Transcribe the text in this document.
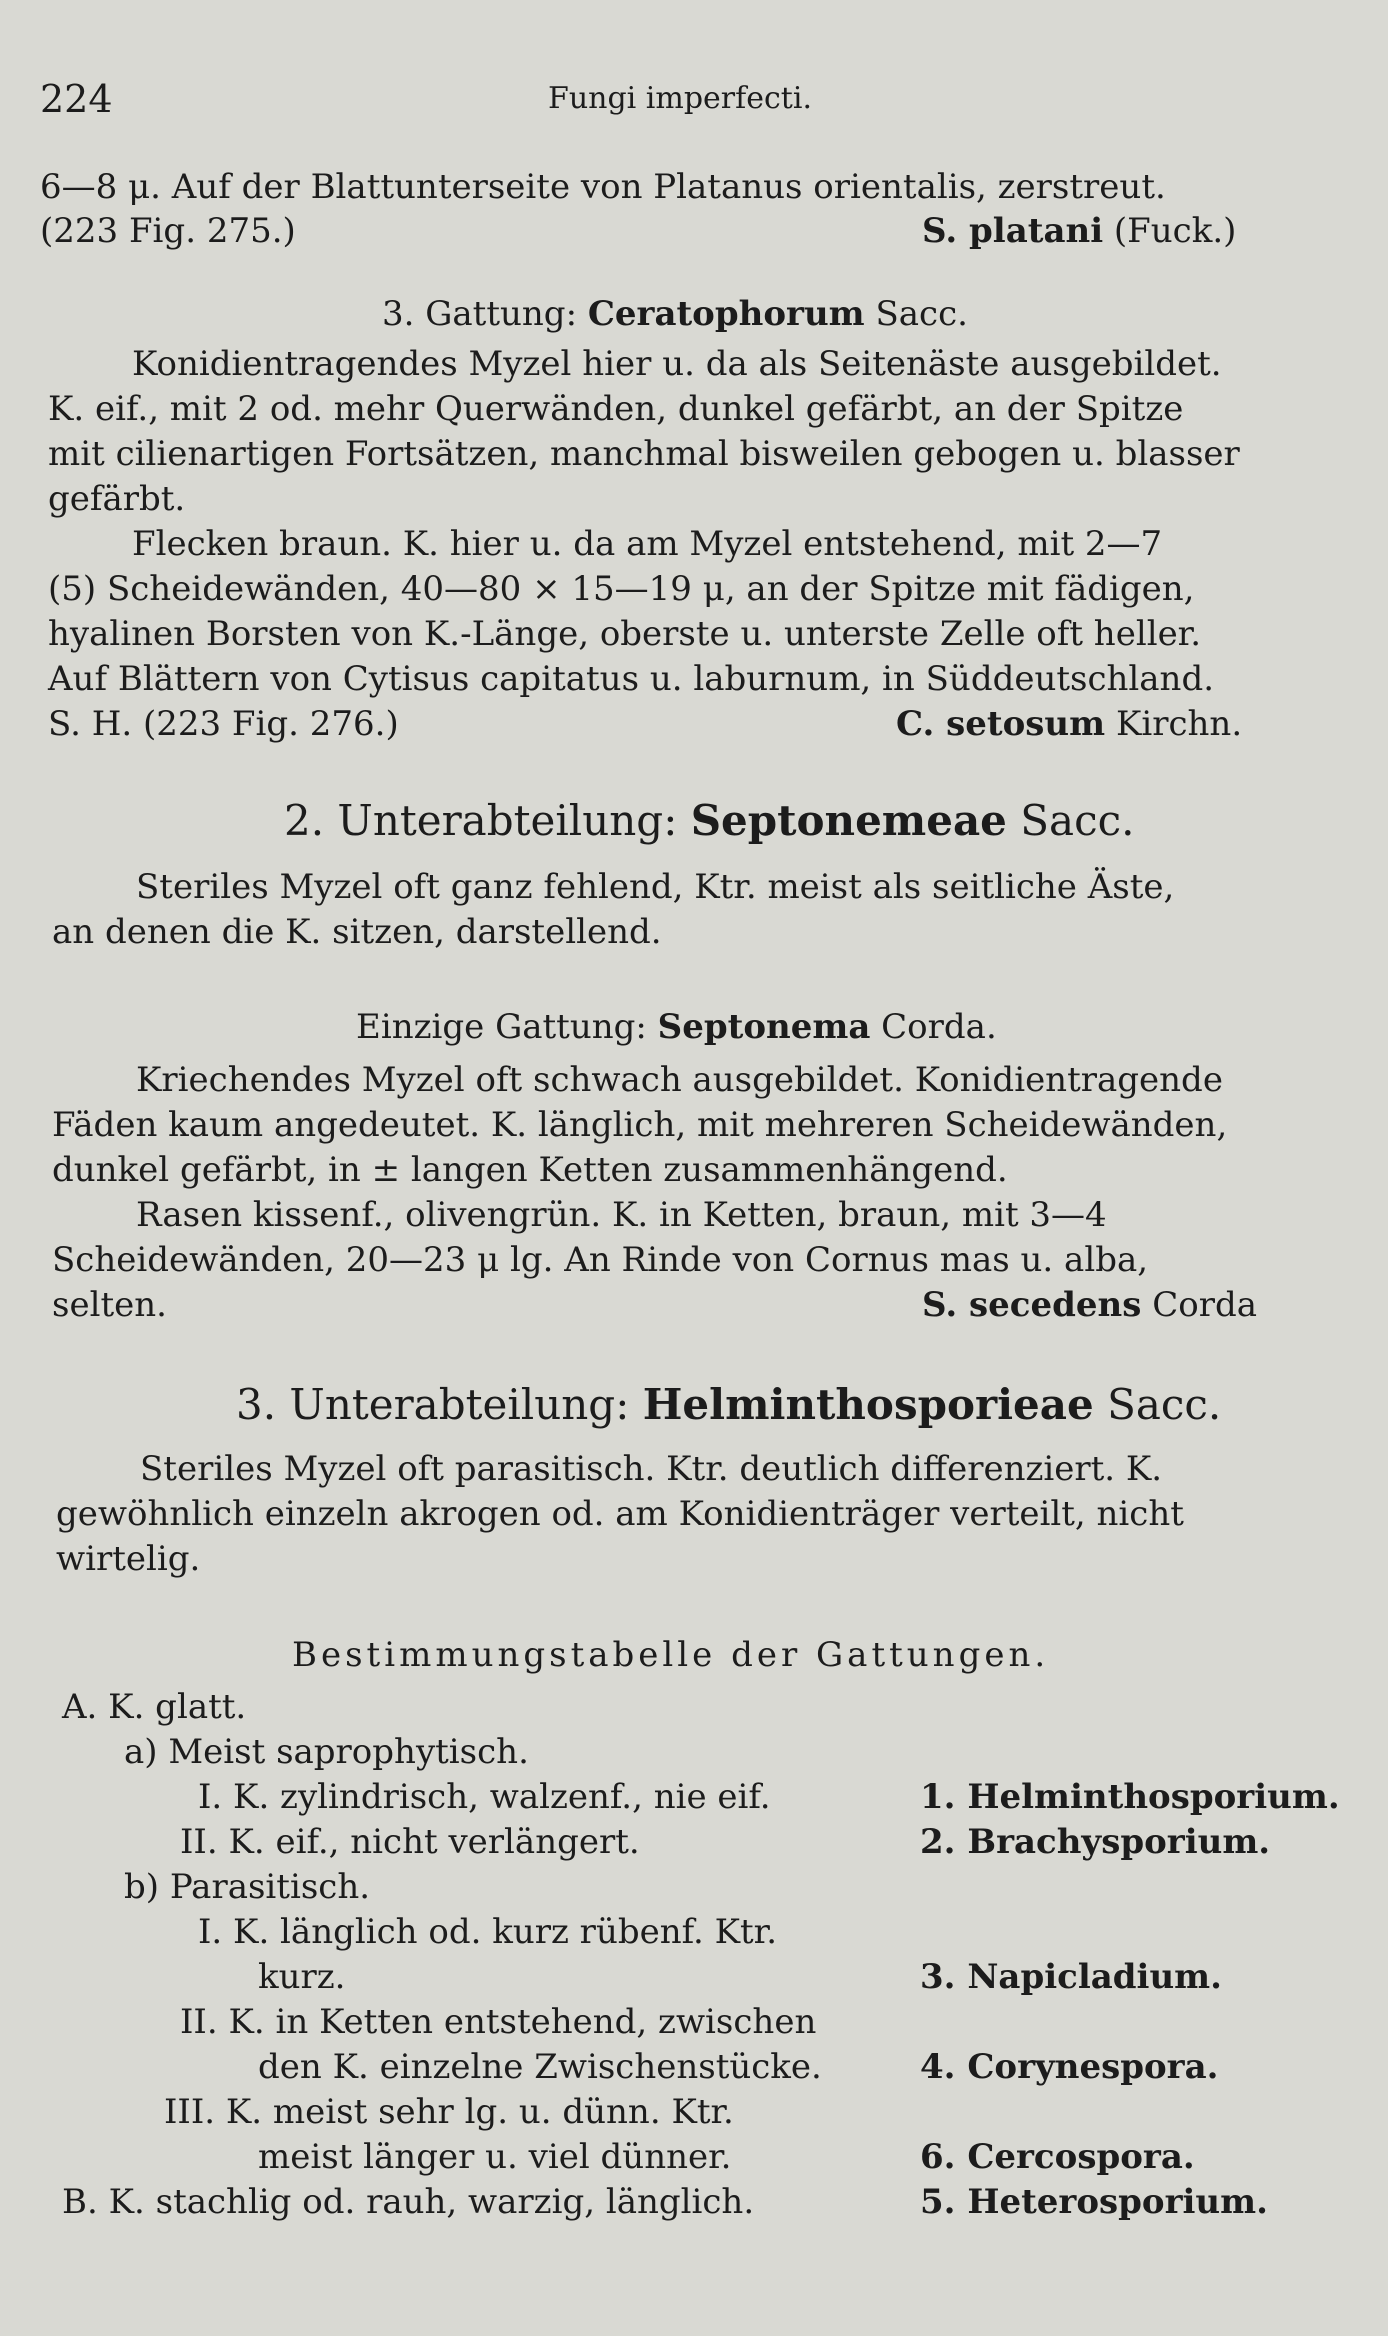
224	Fungi imperfecti.
6—8 μ. Auf der Blattunterseite von Platanus orientalis, zerstreut.
(223 Fig. 275.)	S. platani (Fuck.)
3. Gattung: Ceratophorum Sacc.
Konidientragendes Myzel hier u. da als Seitenäste ausgebildet.
K. eif., mit 2 od. mehr Querwänden, dunkel gefärbt, an der Spitze
mit cilienartigen Fortsätzen, manchmal bisweilen gebogen u. blasser
gefärbt.
Flecken braun. K. hier u. da am Myzel entstehend, mit 2—7
(5) Scheidewänden, 40—80 × 15—19 μ, an der Spitze mit fädigen,
hyalinen Borsten von K.-Länge, oberste u. unterste Zelle oft heller.
Auf Blättern von Cytisus capitatus u. laburnum, in Süddeutschland.
S. H. (223 Fig. 276.)	C. setosum Kirchn.
2. Unterabteilung: Septonemeae Sacc.
Steriles Myzel oft ganz fehlend, Ktr. meist als seitliche Äste,
an denen die K. sitzen, darstellend.
Einzige Gattung: Septonema Corda.
Kriechendes Myzel oft schwach ausgebildet. Konidientragende
Fäden kaum angedeutet. K. länglich, mit mehreren Scheidewänden,
dunkel gefärbt, in ± langen Ketten zusammenhängend.
Rasen kissenf., olivengrün. K. in Ketten, braun, mit 3—4
Scheidewänden, 20—23 μ lg. An Rinde von Cornus mas u. alba,
selten.	S. secedens Corda
3. Unterabteilung: Helminthosporieae Sacc.
Steriles Myzel oft parasitisch. Ktr. deutlich differenziert. K.
gewöhnlich einzeln akrogen od. am Konidienträger verteilt, nicht
wirtelig.
Bestimmungstabelle der Gattungen.
A. K. glatt.
a) Meist saprophytisch.
I. K. zylindrisch, walzenf., nie eif.	1. Helminthosporium.
II. K. eif., nicht verlängert.	2. Brachysporium.
b) Parasitisch.
I. K. länglich od. kurz rübenf. Ktr.
kurz.	3. Napicladium.
II. K. in Ketten entstehend, zwischen
den K. einzelne Zwischenstücke.	4. Corynespora.
III. K. meist sehr lg. u. dünn. Ktr.
meist länger u. viel dünner.	6. Cercospora.
B. K. stachlig od. rauh, warzig, länglich.	5. Heterosporium.
